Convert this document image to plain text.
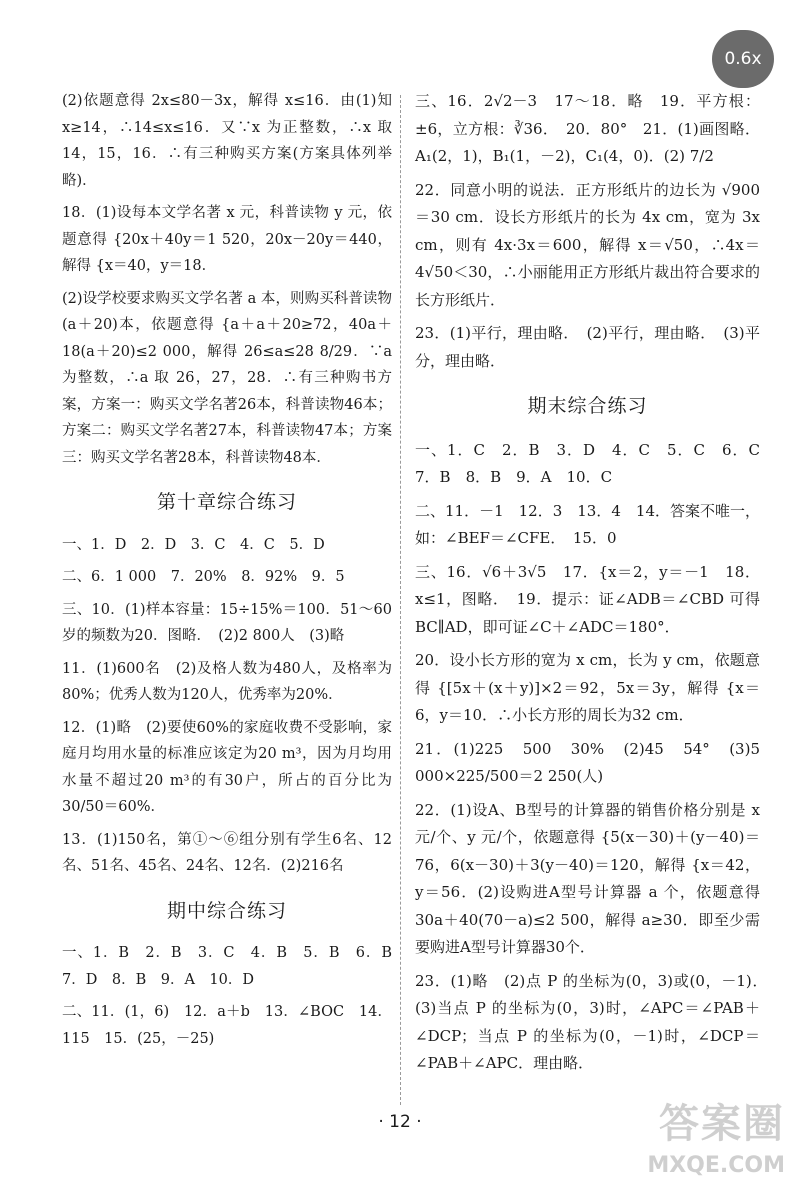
0.6x

(2)依题意得 2x≤80－3x，解得 x≤16．由(1)知 x≥14，∴14≤x≤16．又∵x 为正整数，∴x 取14，15，16．∴有三种购买方案(方案具体列举略)．

18．(1)设每本文学名著 x 元，科普读物 y 元，依题意得 {20x＋40y＝1 520，20x－20y＝440，解得 {x＝40，y＝18．

(2)设学校要求购买文学名著 a 本，则购买科普读物(a＋20)本，依题意得 {a＋a＋20≥72，40a＋18(a＋20)≤2 000，解得 26≤a≤28 8/29．∵a 为整数，∴a 取 26，27，28．∴有三种购书方案，方案一：购买文学名著26本，科普读物46本；方案二：购买文学名著27本，科普读物47本；方案三：购买文学名著28本，科普读物48本．

第十章综合练习

一、1．D　2．D　3．C　4．C　5．D

二、6．1 000　7．20%　8．92%　9．5

三、10．(1)样本容量：15÷15%＝100．51～60岁的频数为20．图略．　(2)2 800人　(3)略

11．(1)600名　(2)及格人数为480人，及格率为80%；优秀人数为120人，优秀率为20%．

12．(1)略　(2)要使60%的家庭收费不受影响，家庭月均用水量的标准应该定为20 m³，因为月均用水量不超过20 m³的有30户，所占的百分比为 30/50＝60%．

13．(1)150名，第①～⑥组分别有学生6名、12名、51名、45名、24名、12名．(2)216名

期中综合练习

一、1．B　2．B　3．C　4．B　5．B　6．B　7．D　8．B　9．A　10．D

二、11．(1，6)　12．a＋b　13．∠BOC　14．115　15．(25，－25)

三、16．2√2－3　17～18．略　19．平方根：±6，立方根：∛36．　20．80°　21．(1)画图略．A₁(2，1)，B₁(1，－2)，C₁(4，0)．(2) 7/2

22．同意小明的说法．正方形纸片的边长为 √900＝30 cm．设长方形纸片的长为 4x cm，宽为 3x cm，则有 4x·3x＝600，解得 x＝√50，∴4x＝4√50＜30，∴小丽能用正方形纸片裁出符合要求的长方形纸片．

23．(1)平行，理由略．　(2)平行，理由略．　(3)平分，理由略．

期末综合练习

一、1．C　2．B　3．D　4．C　5．C　6．C　7．B　8．B　9．A　10．C

二、11．－1　12．3　13．4　14．答案不唯一，如：∠BEF＝∠CFE．　15．0

三、16．√6＋3√5　17．{x＝2，y＝－1　18．x≤1，图略．　19．提示：证∠ADB＝∠CBD 可得 BC∥AD，即可证∠C＋∠ADC＝180°．

20．设小长方形的宽为 x cm，长为 y cm，依题意得 {[5x＋(x＋y)]×2＝92，5x＝3y，解得 {x＝6，y＝10．∴小长方形的周长为32 cm．

21．(1)225　500　30%　(2)45　54°　(3)5 000×225/500＝2 250(人)

22．(1)设A、B型号的计算器的销售价格分别是 x 元/个、y 元/个，依题意得 {5(x－30)＋(y－40)＝76，6(x－30)＋3(y－40)＝120，解得 {x＝42，y＝56．(2)设购进A型号计算器 a 个，依题意得 30a＋40(70－a)≤2 500，解得 a≥30．即至少需要购进A型号计算器30个．

23．(1)略　(2)点 P 的坐标为(0，3)或(0，－1)．　(3)当点 P 的坐标为(0，3)时，∠APC＝∠PAB＋∠DCP；当点 P 的坐标为(0，－1)时，∠DCP＝∠PAB＋∠APC．理由略．

· 12 ·	答案圈
MXQE.COM
